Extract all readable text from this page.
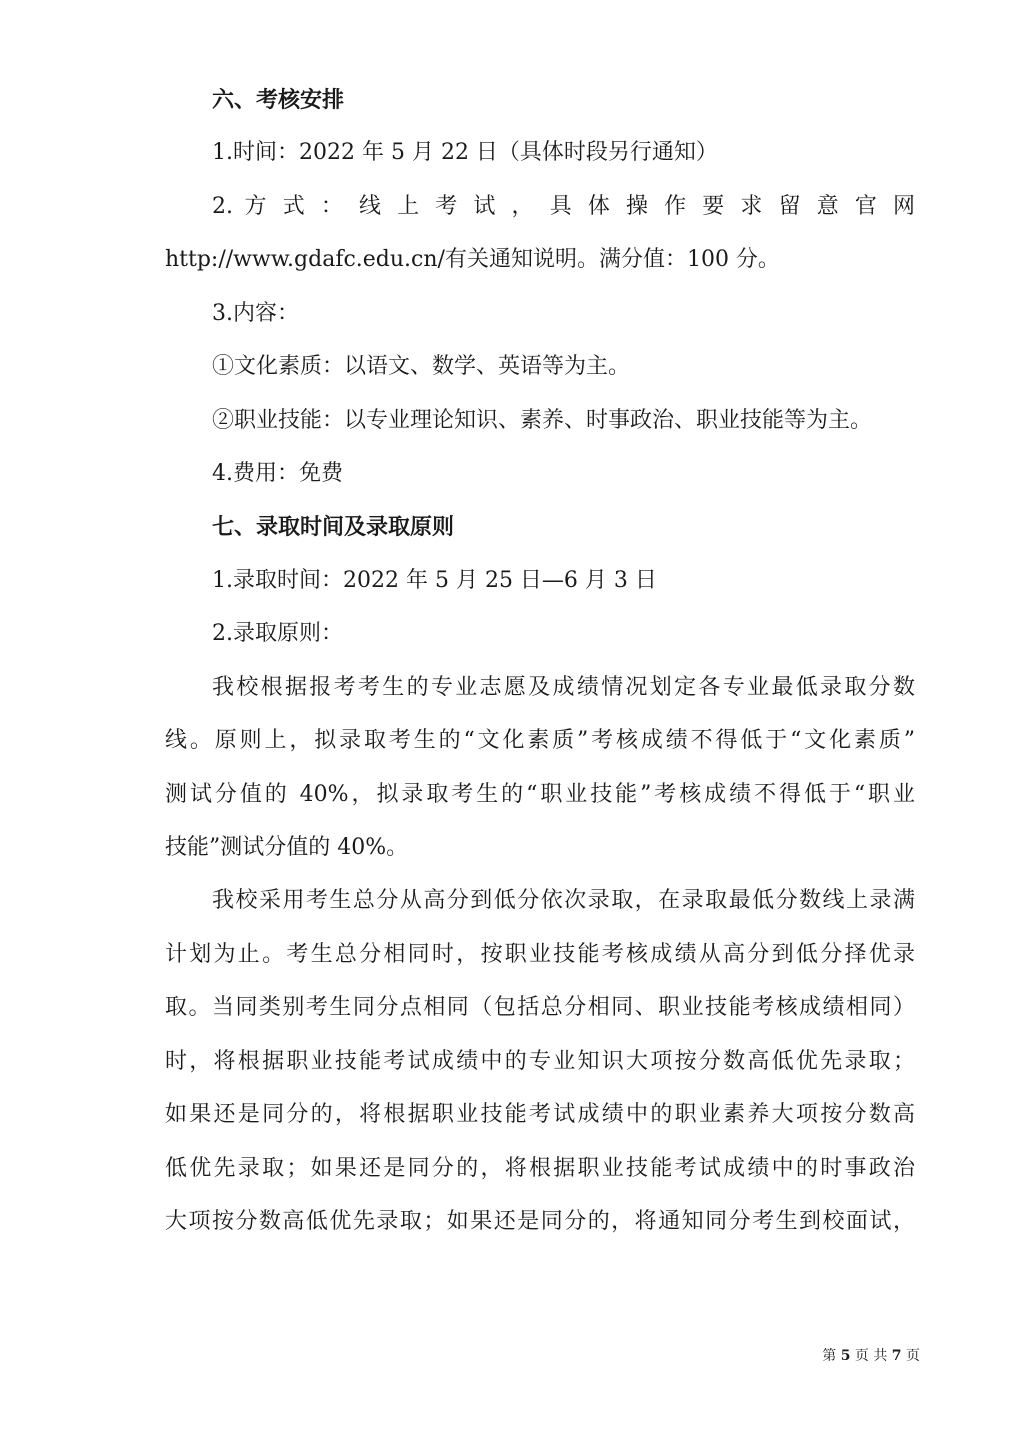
六、考核安排
1.时间：2022 年 5 月 22 日（具体时段另行通知）
2. 方 式 ： 线 上 考 试 ， 具 体 操 作 要 求 留 意 官 网
http://www.gdafc.edu.cn/有关通知说明。满分值：100 分。
3.内容：
①文化素质：以语文、数学、英语等为主。
②职业技能：以专业理论知识、素养、时事政治、职业技能等为主。
4.费用：免费
七、录取时间及录取原则
1.录取时间：2022 年 5 月 25 日—6 月 3 日
2.录取原则：
我校根据报考考生的专业志愿及成绩情况划定各专业最低录取分数
线。原则上，拟录取考生的“文化素质”考核成绩不得低于“文化素质”
测试分值的 40%，拟录取考生的“职业技能”考核成绩不得低于“职业
技能”测试分值的 40%。
我校采用考生总分从高分到低分依次录取，在录取最低分数线上录满
计划为止。考生总分相同时，按职业技能考核成绩从高分到低分择优录
取。当同类别考生同分点相同（包括总分相同、职业技能考核成绩相同）
时，将根据职业技能考试成绩中的专业知识大项按分数高低优先录取；
如果还是同分的，将根据职业技能考试成绩中的职业素养大项按分数高
低优先录取；如果还是同分的，将根据职业技能考试成绩中的时事政治
大项按分数高低优先录取；如果还是同分的，将通知同分考生到校面试，
第 5 页 共 7 页
